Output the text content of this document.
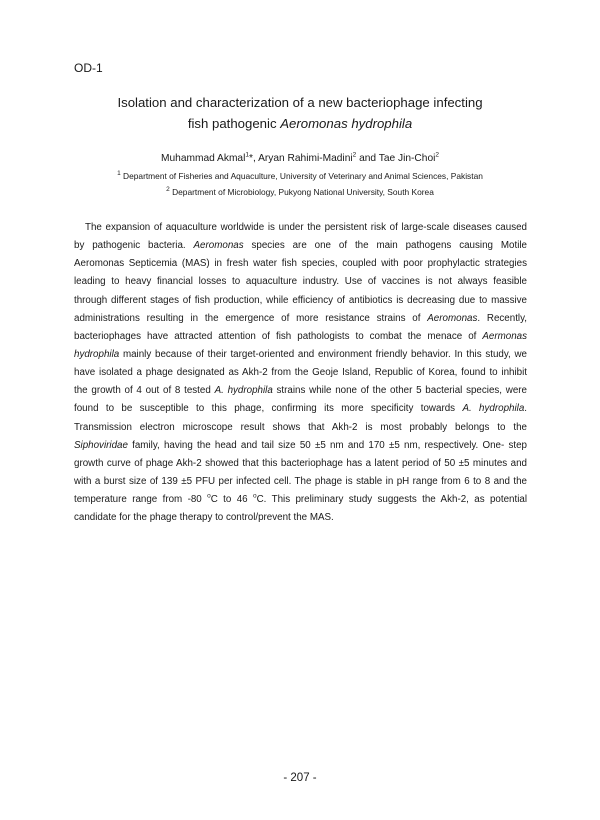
OD-1
Isolation and characterization of a new bacteriophage infecting
fish pathogenic Aeromonas hydrophila
Muhammad Akmal$^1$*, Aryan Rahimi-Madini$^2$ and Tae Jin-Choi$^2$
$^1$ Department of Fisheries and Aquaculture, University of Veterinary and Animal Sciences, Pakistan
$^2$ Department of Microbiology, Pukyong National University, South Korea
The expansion of aquaculture worldwide is under the persistent risk of large-scale diseases caused
by pathogenic bacteria. Aeromonas species are one of the main pathogens causing Motile
Aeromonas Septicemia (MAS) in fresh water fish species, coupled with poor prophylactic strategies
leading to heavy financial losses to aquaculture industry. Use of vaccines is not always feasible
through different stages of fish production, while efficiency of antibiotics is decreasing due to massive
administrations resulting in the emergence of more resistance strains of Aeromonas. Recently,
bacteriophages have attracted attention of fish pathologists to combat the menace of Aermonas
hydrophila mainly because of their target-oriented and environment friendly behavior. In this study, we
have isolated a phage designated as Akh-2 from the Geoje Island, Republic of Korea, found to inhibit
the growth of 4 out of 8 tested A. hydrophila strains while none of the other 5 bacterial species, were
found to be susceptible to this phage, confirming its more specificity towards A. hydrophila.
Transmission electron microscope result shows that Akh-2 is most probably belongs to the
Siphoviridae family, having the head and tail size 50 ±5 nm and 170 ±5 nm, respectively. One- step
growth curve of phage Akh-2 showed that this bacteriophage has a latent period of 50 ±5 minutes and
with a burst size of 139 ±5 PFU per infected cell. The phage is stable in pH range from 6 to 8 and the
temperature range from -80 $^o$C to 46 $^o$C. This preliminary study suggests the Akh-2, as potential
candidate for the phage therapy to control/prevent the MAS.
- 207 -
